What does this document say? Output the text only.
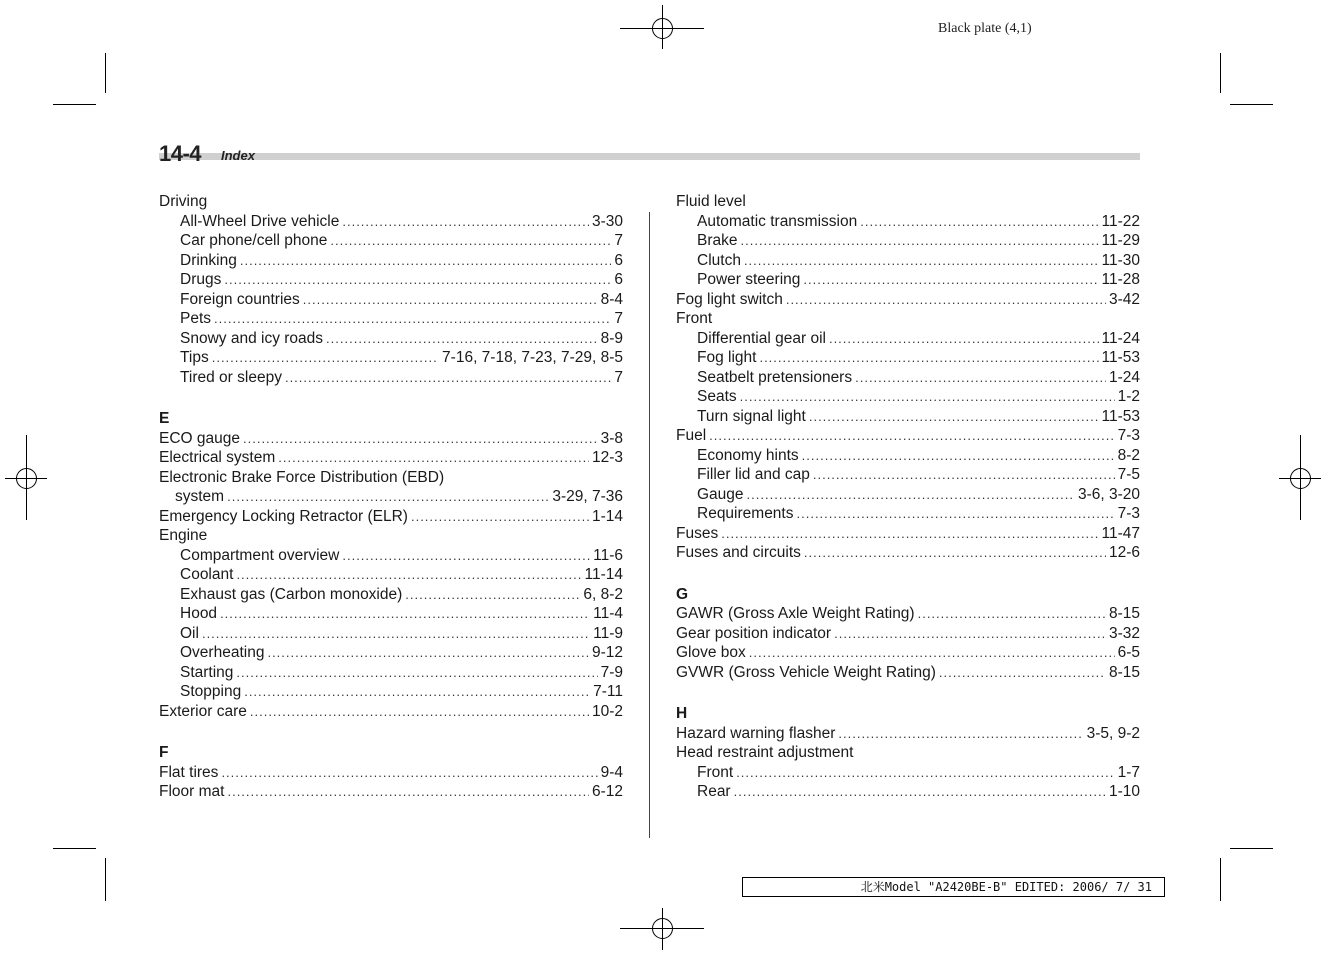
Black plate (4,1)
14-4 Index
Driving
All-Wheel Drive vehicle .....	3-30
Car phone/cell phone .....	7
Drinking .....	6
Drugs .....	6
Foreign countries .....	8-4
Pets .....	7
Snowy and icy roads .....	8-9
Tips .....	7-16, 7-18, 7-23, 7-29, 8-5
Tired or sleepy .....	7
E
ECO gauge .....	3-8
Electrical system .....	12-3
Electronic Brake Force Distribution (EBD)
system .....	3-29, 7-36
Emergency Locking Retractor (ELR) .....	1-14
Engine
Compartment overview .....	11-6
Coolant .....	11-14
Exhaust gas (Carbon monoxide) .....	6, 8-2
Hood .....	11-4
Oil .....	11-9
Overheating .....	9-12
Starting .....	7-9
Stopping .....	7-11
Exterior care .....	10-2
F
Flat tires .....	9-4
Floor mat .....	6-12
Fluid level
Automatic transmission .....	11-22
Brake .....	11-29
Clutch .....	11-30
Power steering .....	11-28
Fog light switch .....	3-42
Front
Differential gear oil .....	11-24
Fog light .....	11-53
Seatbelt pretensioners .....	1-24
Seats .....	1-2
Turn signal light .....	11-53
Fuel .....	7-3
Economy hints .....	8-2
Filler lid and cap .....	7-5
Gauge .....	3-6, 3-20
Requirements .....	7-3
Fuses .....	11-47
Fuses and circuits .....	12-6
G
GAWR (Gross Axle Weight Rating) .....	8-15
Gear position indicator .....	3-32
Glove box .....	6-5
GVWR (Gross Vehicle Weight Rating) .....	8-15
H
Hazard warning flasher .....	3-5, 9-2
Head restraint adjustment
Front .....	1-7
Rear .....	1-10
北米Model "A2420BE-B" EDITED: 2006/ 7/ 31
